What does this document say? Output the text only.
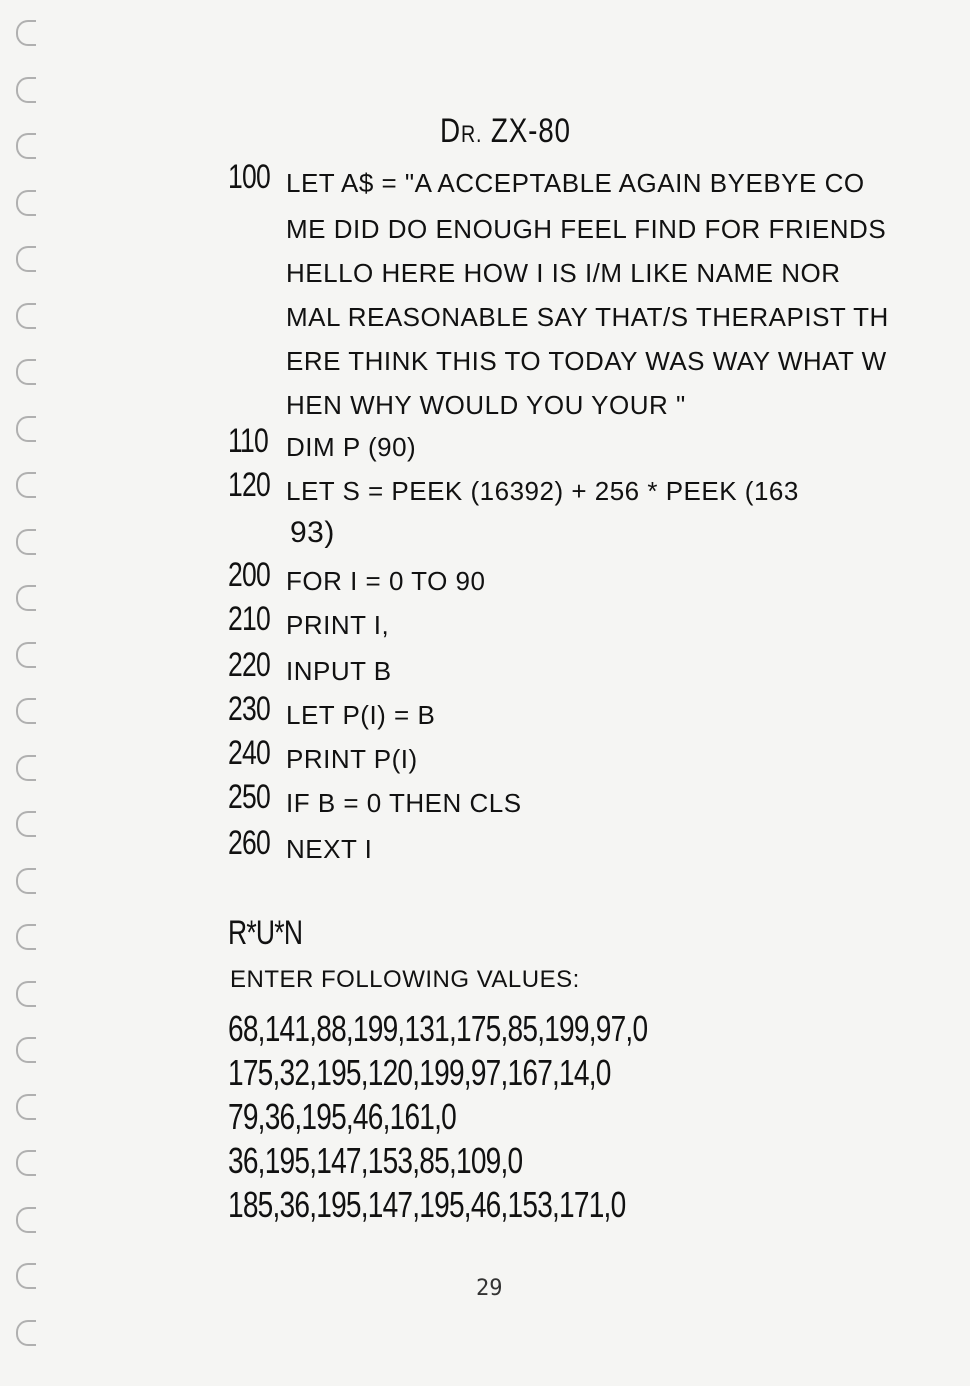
DR. ZX-80
100 LET A$ = "A ACCEPTABLE AGAIN BYEBYE CO
ME DID DO ENOUGH FEEL FIND FOR FRIENDS
HELLO HERE HOW I IS I/M LIKE NAME NOR
MAL REASONABLE SAY THAT/S THERAPIST TH
ERE THINK THIS TO TODAY WAS WAY WHAT W
HEN WHY WOULD YOU YOUR "
110 DIM P (90)
120 LET S = PEEK (16392) + 256 * PEEK (163
93)
200 FOR I = 0 TO 90
210 PRINT I,
220 INPUT B
230 LET P(I) = B
240 PRINT P(I)
250 IF B = 0 THEN CLS
260 NEXT I
R*U*N
ENTER FOLLOWING VALUES:
68,141,88,199,131,175,85,199,97,0
175,32,195,120,199,97,167,14,0
79,36,195,46,161,0
36,195,147,153,85,109,0
185,36,195,147,195,46,153,171,0
29
